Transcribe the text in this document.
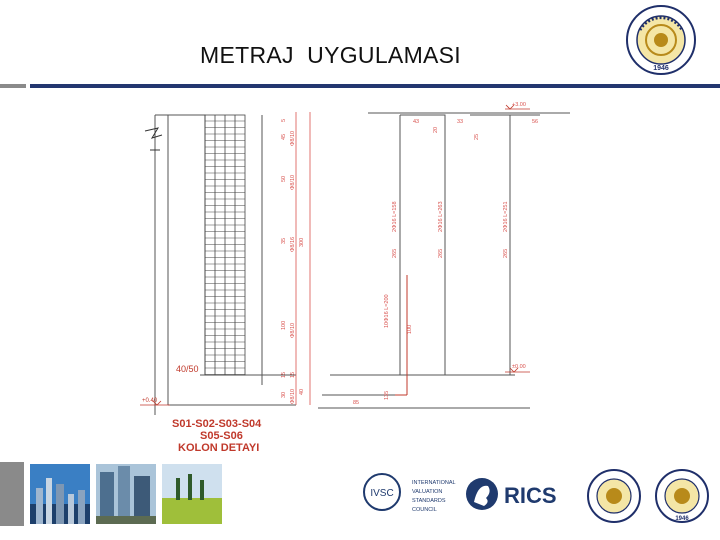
METRAJ  UYGULAMASI
1946
5
45 Φ8/10
50 Φ8/10
35 Φ8/16 300
100 Φ8/10
15 15
30 40
Φ8/10
40/50
+0.40
S01-S02-S03-S04
S05-S06
KOLON DETAYI
+3.00
±0.00
43
20
33
25
56
2Φ16 L=158	2Φ16 L=263	2Φ16 L=251
10Φ16 L=200
265	265	265
100
85
135
IVSC
INTERNATIONAL
VALUATION
STANDARDS
COUNCIL
RICS
1946
